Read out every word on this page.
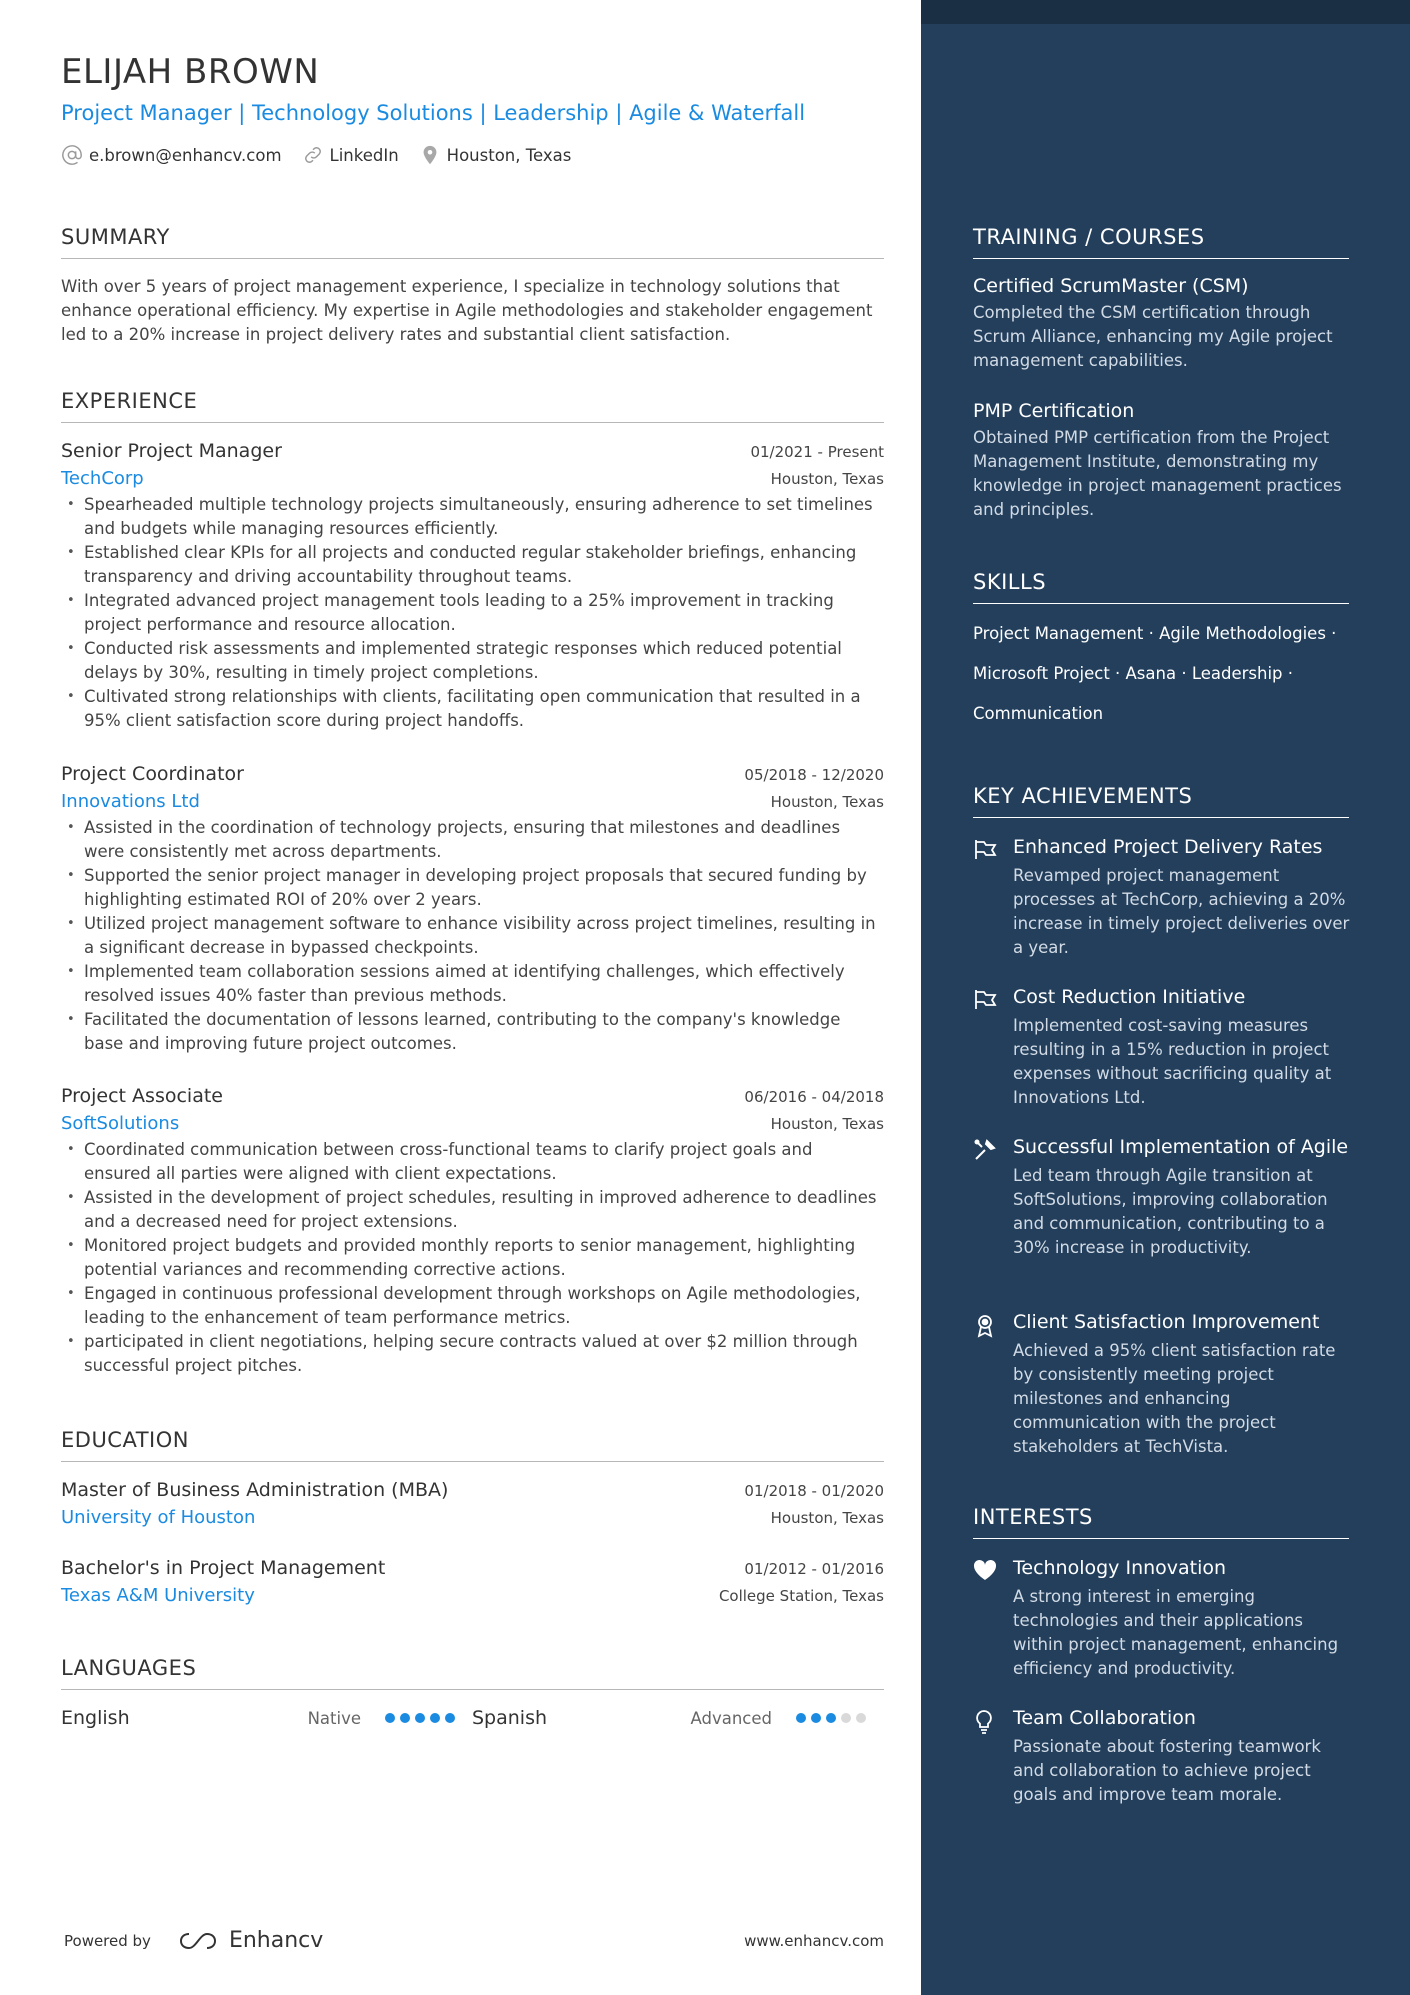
ELIJAH BROWN
Project Manager | Technology Solutions | Leadership | Agile & Waterfall
e.brown@enhancv.com	LinkedIn	Houston, Texas
SUMMARY
With over 5 years of project management experience, I specialize in technology solutions that enhance operational efficiency. My expertise in Agile methodologies and stakeholder engagement led to a 20% increase in project delivery rates and substantial client satisfaction.
EXPERIENCE
Senior Project Manager	01/2021 - Present
TechCorp	Houston, Texas
• Spearheaded multiple technology projects simultaneously, ensuring adherence to set timelines and budgets while managing resources efficiently.
• Established clear KPIs for all projects and conducted regular stakeholder briefings, enhancing transparency and driving accountability throughout teams.
• Integrated advanced project management tools leading to a 25% improvement in tracking project performance and resource allocation.
• Conducted risk assessments and implemented strategic responses which reduced potential delays by 30%, resulting in timely project completions.
• Cultivated strong relationships with clients, facilitating open communication that resulted in a 95% client satisfaction score during project handoffs.
Project Coordinator	05/2018 - 12/2020
Innovations Ltd	Houston, Texas
• Assisted in the coordination of technology projects, ensuring that milestones and deadlines were consistently met across departments.
• Supported the senior project manager in developing project proposals that secured funding by highlighting estimated ROI of 20% over 2 years.
• Utilized project management software to enhance visibility across project timelines, resulting in a significant decrease in bypassed checkpoints.
• Implemented team collaboration sessions aimed at identifying challenges, which effectively resolved issues 40% faster than previous methods.
• Facilitated the documentation of lessons learned, contributing to the company's knowledge base and improving future project outcomes.
Project Associate	06/2016 - 04/2018
SoftSolutions	Houston, Texas
• Coordinated communication between cross-functional teams to clarify project goals and ensured all parties were aligned with client expectations.
• Assisted in the development of project schedules, resulting in improved adherence to deadlines and a decreased need for project extensions.
• Monitored project budgets and provided monthly reports to senior management, highlighting potential variances and recommending corrective actions.
• Engaged in continuous professional development through workshops on Agile methodologies, leading to the enhancement of team performance metrics.
• participated in client negotiations, helping secure contracts valued at over $2 million through successful project pitches.
EDUCATION
Master of Business Administration (MBA)	01/2018 - 01/2020
University of Houston	Houston, Texas
Bachelor's in Project Management	01/2012 - 01/2016
Texas A&M University	College Station, Texas
LANGUAGES
English	Native	Spanish	Advanced
Powered by	Enhancv	www.enhancv.com
TRAINING / COURSES
Certified ScrumMaster (CSM)
Completed the CSM certification through Scrum Alliance, enhancing my Agile project management capabilities.
PMP Certification
Obtained PMP certification from the Project Management Institute, demonstrating my knowledge in project management practices and principles.
SKILLS
Project Management · Agile Methodologies ·
Microsoft Project · Asana · Leadership ·
Communication
KEY ACHIEVEMENTS
Enhanced Project Delivery Rates
Revamped project management processes at TechCorp, achieving a 20% increase in timely project deliveries over a year.
Cost Reduction Initiative
Implemented cost-saving measures resulting in a 15% reduction in project expenses without sacrificing quality at Innovations Ltd.
Successful Implementation of Agile
Led team through Agile transition at SoftSolutions, improving collaboration and communication, contributing to a 30% increase in productivity.
Client Satisfaction Improvement
Achieved a 95% client satisfaction rate by consistently meeting project milestones and enhancing communication with the project stakeholders at TechVista.
INTERESTS
Technology Innovation
A strong interest in emerging technologies and their applications within project management, enhancing efficiency and productivity.
Team Collaboration
Passionate about fostering teamwork and collaboration to achieve project goals and improve team morale.
